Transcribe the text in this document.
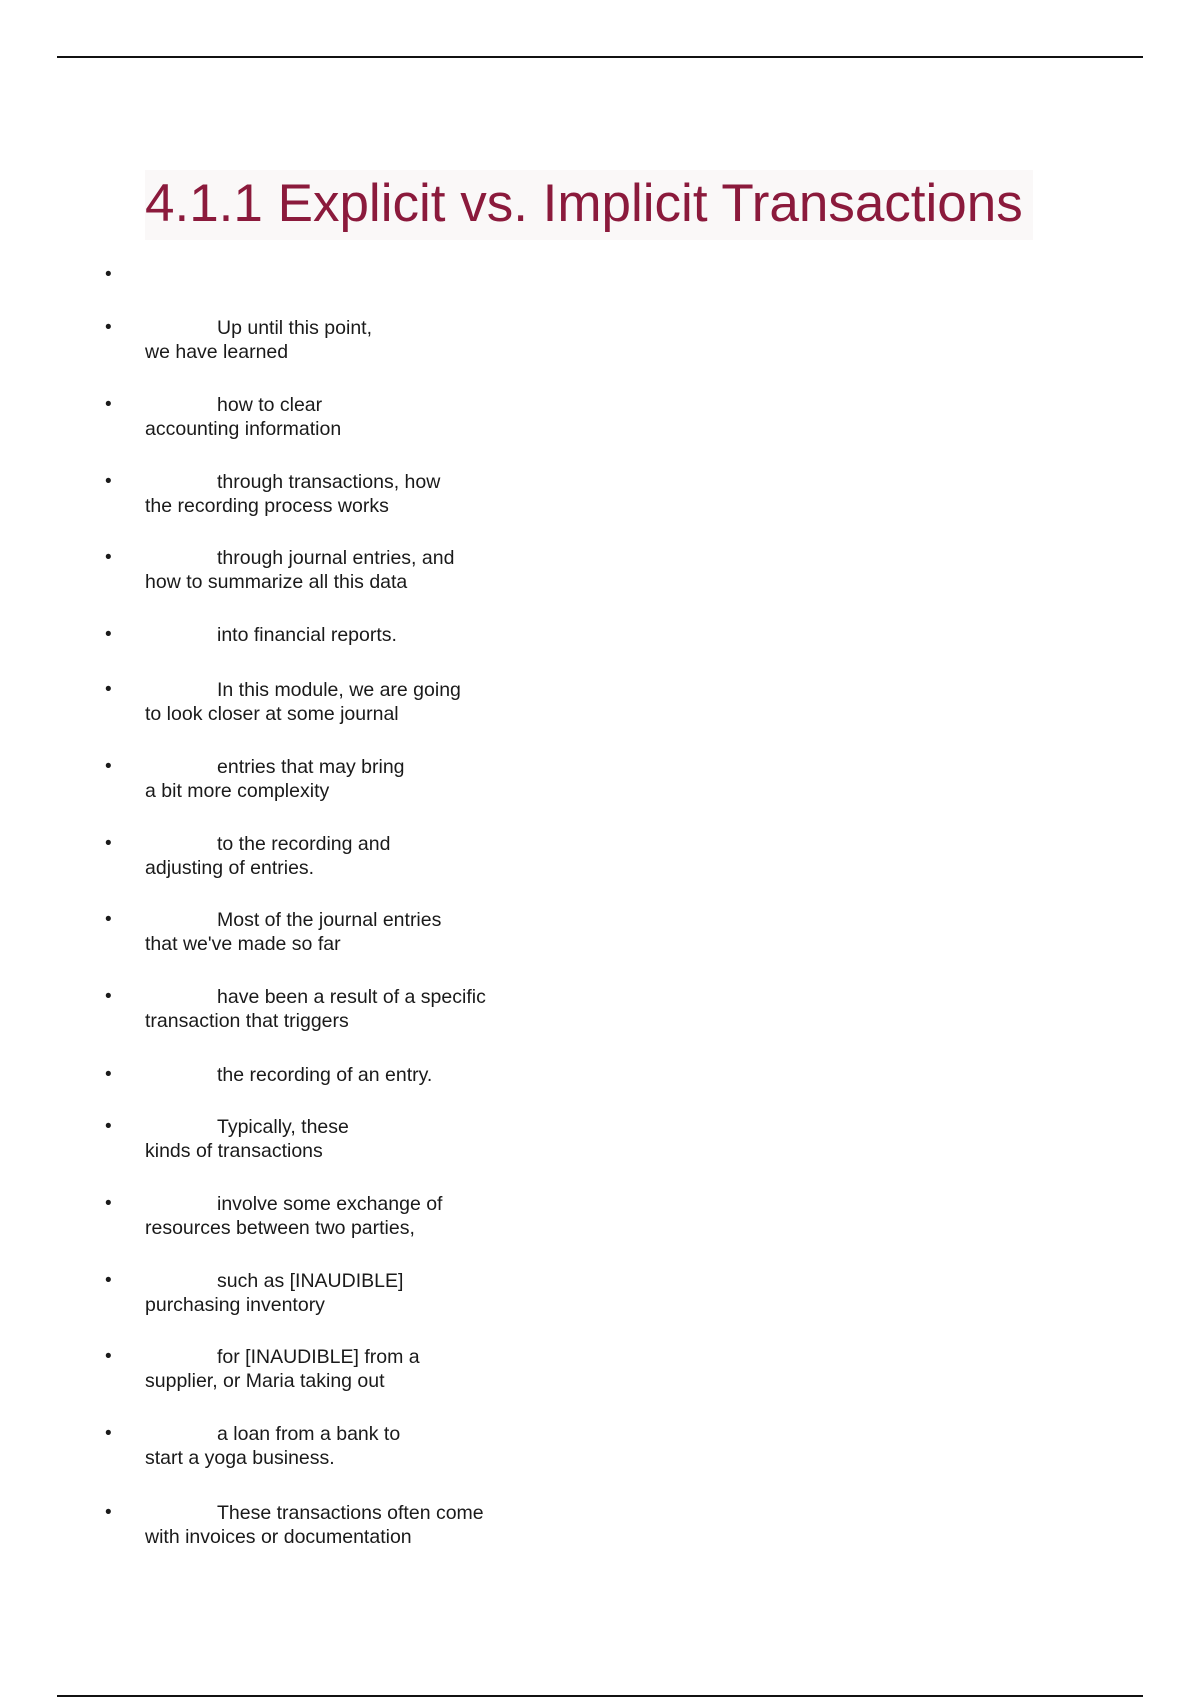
4.1.1 Explicit vs. Implicit Transactions
•
•	Up until this point,
we have learned
•	how to clear
accounting information
•	through transactions, how
the recording process works
•	through journal entries, and
how to summarize all this data
•	into financial reports.
•	In this module, we are going
to look closer at some journal
•	entries that may bring
a bit more complexity
•	to the recording and
adjusting of entries.
•	Most of the journal entries
that we've made so far
•	have been a result of a specific
transaction that triggers
•	the recording of an entry.
•	Typically, these
kinds of transactions
•	involve some exchange of
resources between two parties,
•	such as [INAUDIBLE]
purchasing inventory
•	for [INAUDIBLE] from a
supplier, or Maria taking out
•	a loan from a bank to
start a yoga business.
•	These transactions often come
with invoices or documentation
